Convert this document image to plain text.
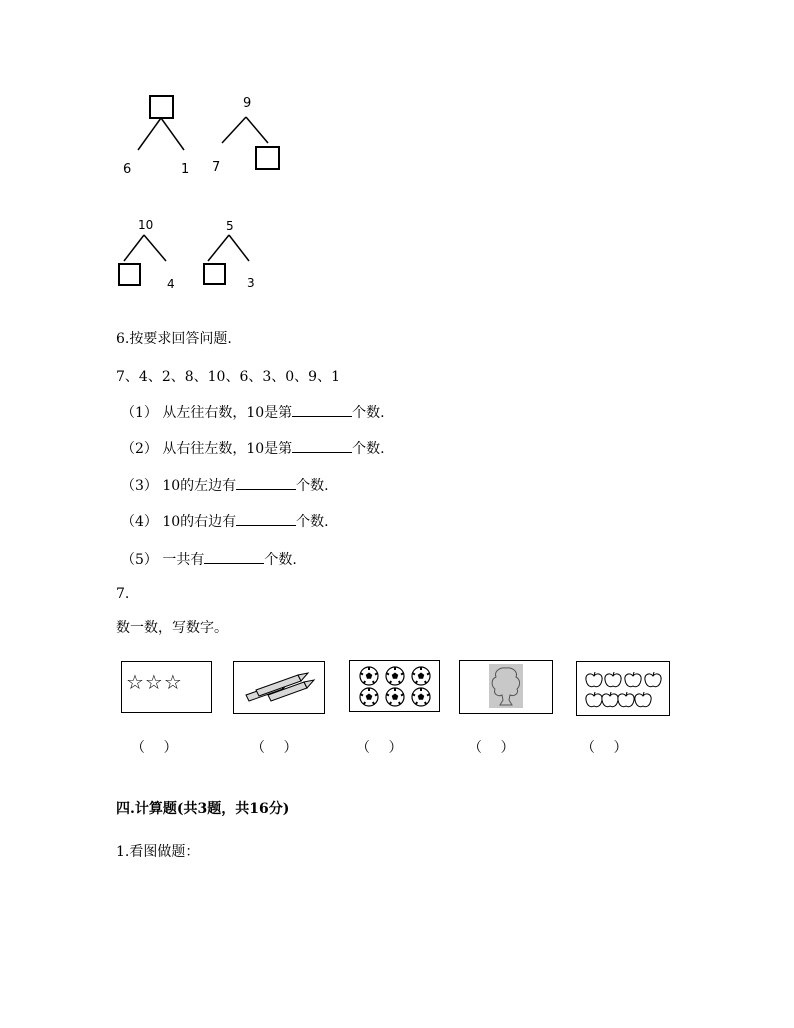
6	1
9
7
10
4
5
3
6.按要求回答问题.
7、4、2、8、10、6、3、0、9、1
（1） 从左往右数，10是第	个数.
（2） 从右往左数，10是第	个数.
（3） 10的左边有	个数.
（4） 10的右边有	个数.
（5） 一共有	个数.
7.
数一数，写数字。
☆☆☆
（　 ）	（　 ）	（　 ）	（　 ）	（　 ）
四.计算题(共3题，共16分)
1.看图做题：
